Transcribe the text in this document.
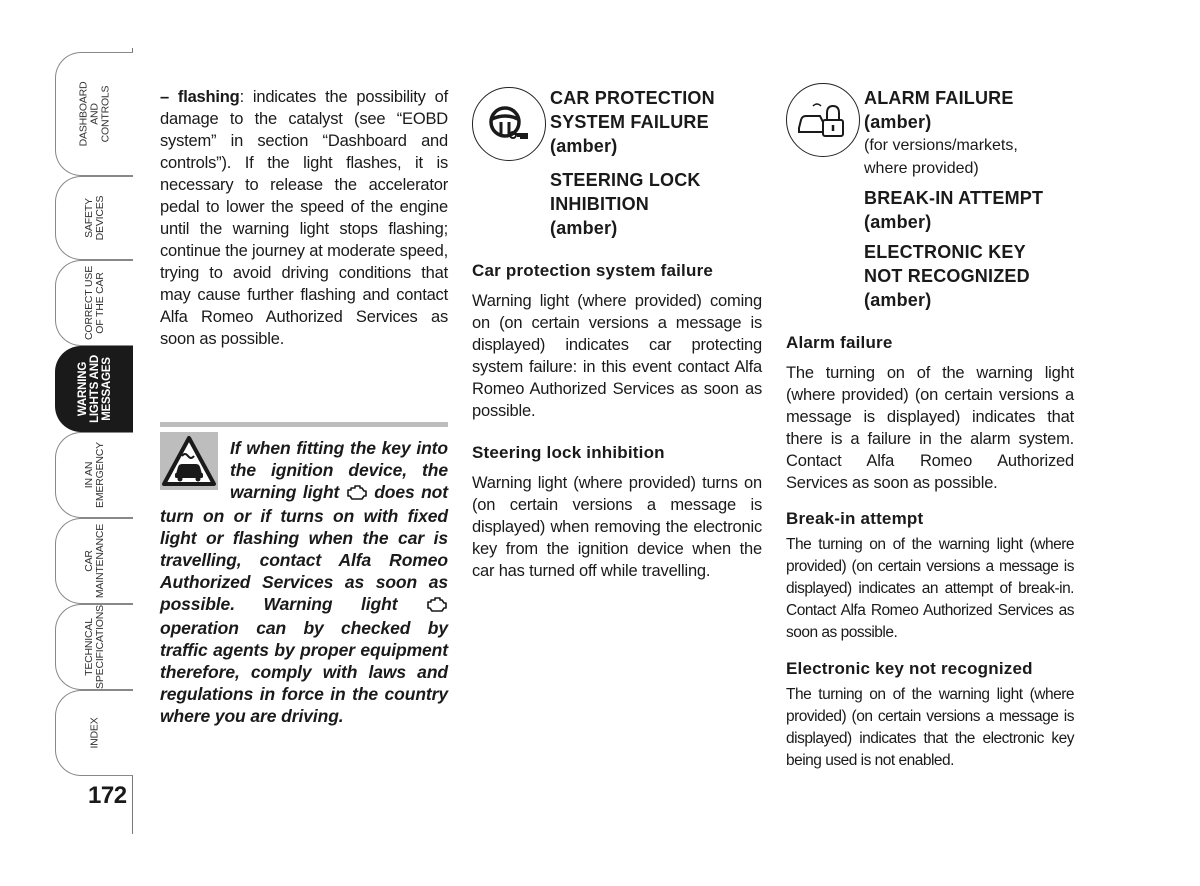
DASHBOARD
AND
CONTROLS
SAFETY
DEVICES
CORRECT USE
OF THE CAR
WARNING
LIGHTS AND
MESSAGES
IN AN
EMERGENCY
CAR
MAINTENANCE
TECHNICAL
SPECIFICATIONS
INDEX
172

– flashing: indicates the possibility of damage to the catalyst (see “EOBD system” in section “Dashboard and controls”). If the light flashes, it is necessary to release the accelerator pedal to lower the speed of the engine until the warning light stops flashing; continue the journey at moderate speed, trying to avoid driving conditions that may cause further flashing and contact Alfa Romeo Authorized Services as soon as possible.

If when fitting the key into the ignition device, the warning light  does not turn on or if turns on with fixed light or flashing when the car is travelling, contact Alfa Romeo Authorized Services as soon as possible. Warning light  operation can by checked by traffic agents by proper equipment therefore, comply with laws and regulations in force in the country where you are driving.

CAR PROTECTION

SYSTEM FAILURE

(amber)

STEERING LOCK

INHIBITION

(amber)

Car protection system failure

Warning light (where provided) coming on (on certain versions a message is displayed) indicates car protecting system failure: in this event contact Alfa Romeo Authorized Services as soon as possible.

Steering lock inhibition

Warning light (where provided) turns on (on certain versions a message is displayed) when removing the electronic key from the ignition device when the car has turned off while travelling.

ALARM FAILURE

(amber)

(for versions/markets,

where provided)

BREAK-IN ATTEMPT

(amber)

ELECTRONIC KEY

NOT RECOGNIZED

(amber)

Alarm failure

The turning on of the warning light (where provided) (on certain versions a message is displayed) indicates that there is a failure in the alarm system. Contact Alfa Romeo Authorized Services as soon as possible.

Break-in attempt

The turning on of the warning light (where provided) (on certain versions a message is displayed) indicates an attempt of break-in. Contact Alfa Romeo Authorized Services as soon as possible.

Electronic key not recognized

The turning on of the warning light (where provided) (on certain versions a message is displayed) indicates that the electronic key being used is not enabled.
